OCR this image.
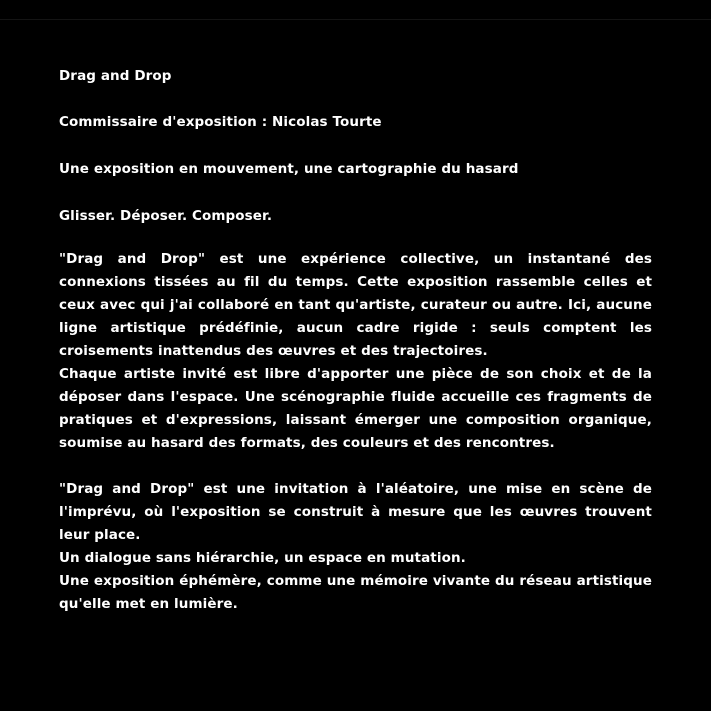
Drag and Drop
Commissaire d'exposition : Nicolas Tourte
Une exposition en mouvement, une cartographie du hasard
Glisser. Déposer. Composer.

"Drag and Drop" est une expérience collective, un instantané des connexions tissées au fil du temps. Cette exposition rassemble celles et ceux avec qui j'ai collaboré en tant qu'artiste, curateur ou autre. Ici, aucune ligne artistique prédéfinie, aucun cadre rigide : seuls comptent les croisements inattendus des œuvres et des trajectoires.

Chaque artiste invité est libre d'apporter une pièce de son choix et de la déposer dans l'espace. Une scénographie fluide accueille ces fragments de pratiques et d'expressions, laissant émerger une composition organique, soumise au hasard des formats, des couleurs et des rencontres.

"Drag and Drop" est une invitation à l'aléatoire, une mise en scène de l'imprévu, où l'exposition se construit à mesure que les œuvres trouvent leur place.

Un dialogue sans hiérarchie, un espace en mutation.

Une exposition éphémère, comme une mémoire vivante du réseau artistique qu'elle met en lumière.
